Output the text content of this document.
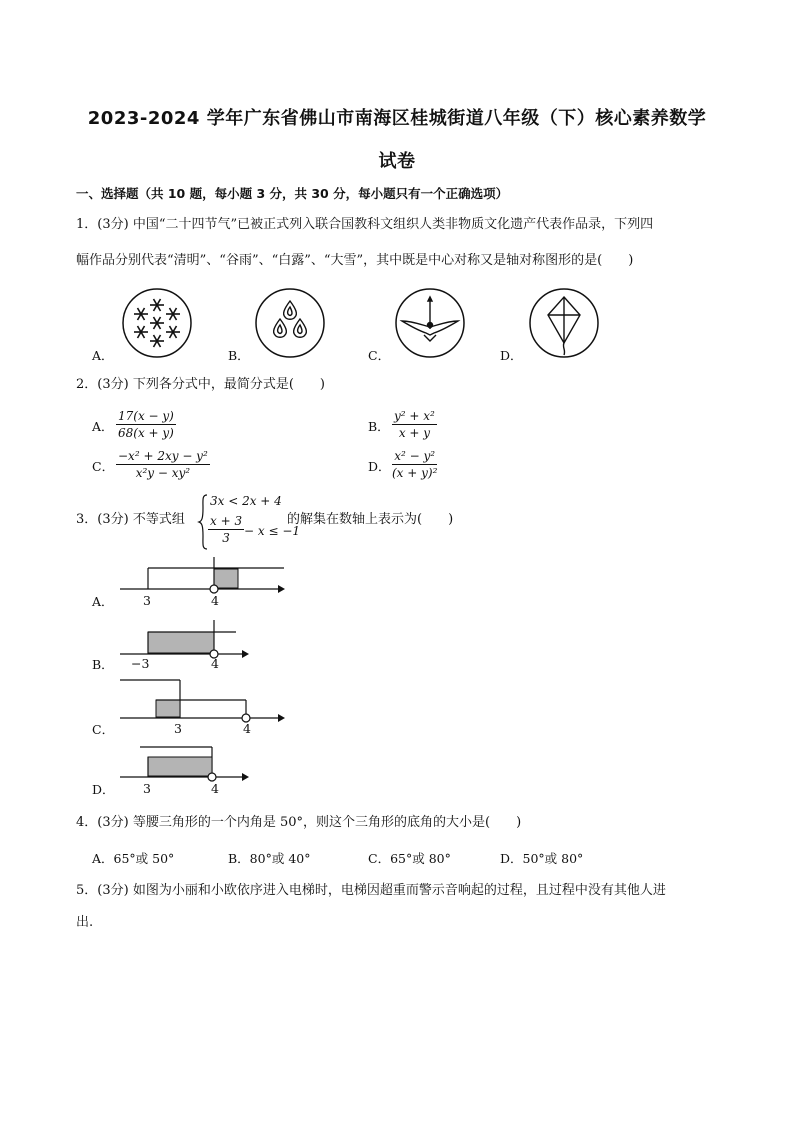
2023-2024 学年广东省佛山市南海区桂城街道八年级（下）核心素养数学
试卷
一、选择题（共 10 题，每小题 3 分，共 30 分，每小题只有一个正确选项）
1．(3分) 中国“二十四节气”已被正式列入联合国教科文组织人类非物质文化遗产代表作品录，下列四
幅作品分别代表“清明”、“谷雨”、“白露”、“大雪”，其中既是中心对称又是轴对称图形的是(　　)
A．	B．	C．	D．
2．(3分) 下列各分式中，最简分式是(　　)
A． $\frac{17(x - y)}{68(x + y)}$	B． $\frac{\text{y² + x²}}{x + y}$
C． $\frac{\text{−x² + 2xy − y²}}{\text{x²y − xy²}}$	D． $\frac{\text{x² − y²}}{\text{(x + y)²}}$
3．(3分) 不等式组
3x < 2x + 4
$\frac{x + 3}{3} - x \le -1$
的解集在数轴上表示为(　　)
A． 3	4
B． −3	4
C．	3	4
D． 3	4
4．(3分) 等腰三角形的一个内角是 50°，则这个三角形的底角的大小是(　　)
A．65°或 50°	B．80°或 40°	C．65°或 80°	D．50°或 80°
5．(3分) 如图为小丽和小欧依序进入电梯时，电梯因超重而警示音响起的过程，且过程中没有其他人进
出.
